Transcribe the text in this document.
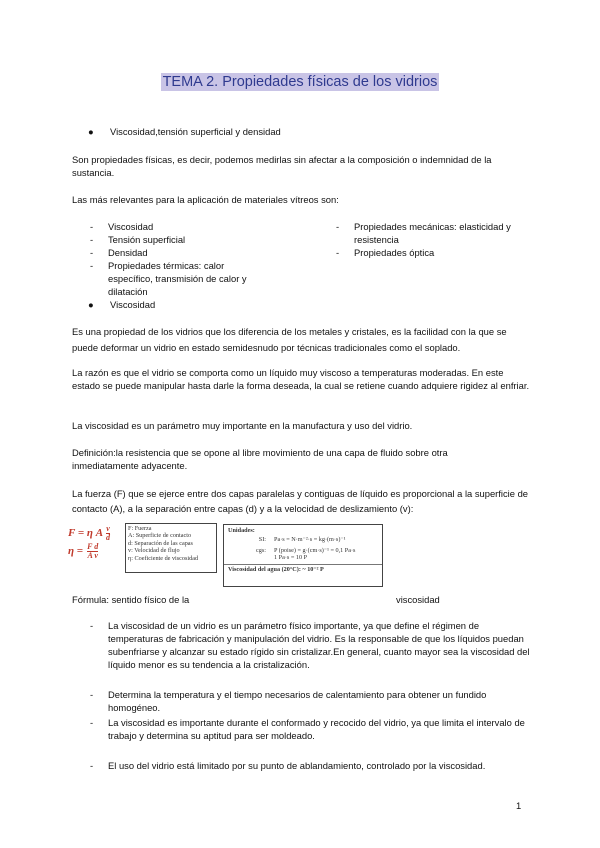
TEMA 2. Propiedades físicas de los vidrios
●	Viscosidad,tensión superficial y densidad

Son propiedades físicas, es decir, podemos medirlas sin afectar a la composición o indemnidad de la sustancia.

Las más relevantes para la aplicación de materiales vítreos son:

-	Viscosidad
-	Tensión superficial
-	Densidad
-	Propiedades térmicas: calor específico, transmisión de calor y dilatación
-	Propiedades mecánicas: elasticidad y resistencia
-	Propiedades óptica
●	Viscosidad

Es una propiedad de los vidrios que los diferencia de los metales y cristales, es la facilidad con la que se puede deformar un vidrio en estado semidesnudo por técnicas tradicionales como el soplado.

La razón es que el vidrio se comporta como un líquido muy viscoso a temperaturas moderadas. En este estado se puede manipular hasta darle la forma deseada, la cual se retiene cuando adquiere rigidez al enfriar.

La viscosidad es un parámetro muy importante en la manufactura y uso del vidrio.

Definición:la resistencia que se opone al libre movimiento de una capa de fluido sobre otra inmediatamente adyacente.

La fuerza (F) que se ejerce entre dos capas paralelas y contiguas de líquido es proporcional a la superficie de contacto (A), a la separación entre capas (d) y a la velocidad de deslizamiento (v):

F = η A v
d
$\eta = \frac{\text{F d}}{\text{A v}}$
F: Fuerza
A: Superficie de contacto
d: Separación de las capas
v: Velocidad de flujo
η: Coeficiente de viscosidad
Unidades:
SI:	Pa·s = N·m⁻²·s = kg·(m·s)⁻¹
cgs:	P (poise) = g·(cm·s)⁻¹ = 0,1 Pa·s
1 Pa·s = 10 P
Viscosidad del agua (20°C): ~ 10⁻² P

Fórmula: sentido físico de la	viscosidad

-	La viscosidad de un vidrio es un parámetro físico importante, ya que define el régimen de temperaturas de fabricación y manipulación del vidrio. Es la responsable de que los líquidos puedan subenfriarse y alcanzar su estado rígido sin cristalizar.En general, cuanto mayor sea la viscosidad del líquido menor es su tendencia a la cristalización.
-	Determina la temperatura y el tiempo necesarios de calentamiento para obtener un fundido homogéneo.
-	La viscosidad es importante durante el conformado y recocido del vidrio, ya que limita el intervalo de trabajo y determina su aptitud para ser moldeado.
-	El uso del vidrio está limitado por su punto de ablandamiento, controlado por la viscosidad.

1
